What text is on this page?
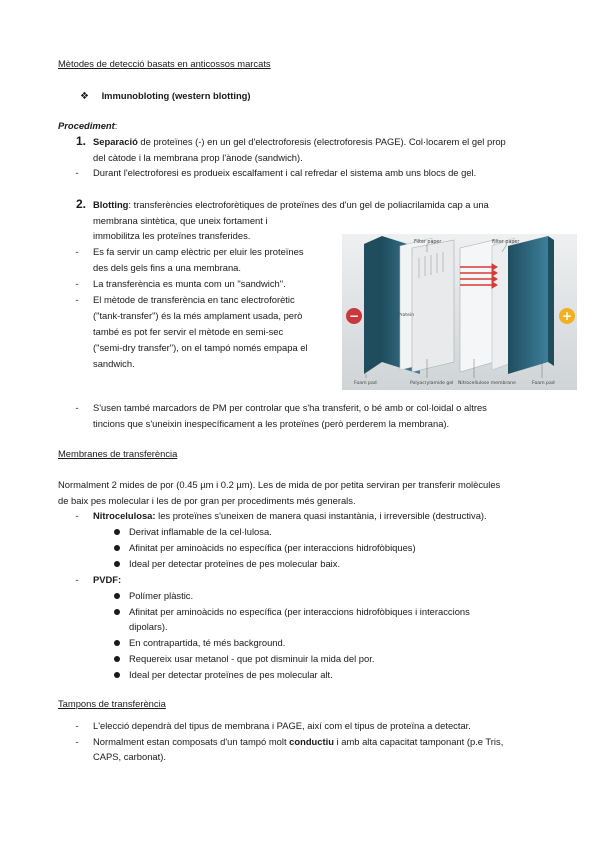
Mètodes de detecció basats en anticossos marcats
❖ Immunobloting (western blotting)
Procediment:
1. Separació de proteïnes (-) en un gel d'electroforesis (electroforesis PAGE). Col·locarem el gel prop
del càtode i la membrana prop l'ànode (sandwich).
-	Durant l'electroforesi es produeix escalfament i cal refredar el sistema amb uns blocs de gel.
2. Blotting: transferències electroforètiques de proteïnes des d'un gel de poliacrilamida cap a una
membrana sintètica, que uneix fortament i
immobilitza les proteïnes transferides.
-	Es fa servir un camp elèctric per eluir les proteïnes
des dels gels fins a una membrana.
-	La transferència es munta com un "sandwich".
-	El mètode de transferència en tanc electroforètic
("tank-transfer") és la més amplament usada, però
també es pot fer servir el mètode en semi-sec
("semi-dry transfer"), on el tampó només empapa el
sandwich.
−	+
Filter paper	Filter paper
Protein
Foam pad	Polyacrylamide gel Nitrocellulose membrane	Foam pad
-	S'usen també marcadors de PM per controlar que s'ha transferit, o bé amb or col·loidal o altres
tincions que s'uneixin inespecíficament a les proteïnes (però perderem la membrana).
Membranes de transferència
Normalment 2 mides de por (0.45 µm i 0.2 µm). Les de mida de por petita serviran per transferir molècules
de baix pes molecular i les de por gran per procediments més generals.
-	Nitrocelulosa: les proteïnes s'uneixen de manera quasi instantània, i irreversible (destructiva).
Derivat inflamable de la cel·lulosa.
Afinitat per aminoàcids no específica (per interaccions hidrofòbiques)
Ideal per detectar proteïnes de pes molecular baix.
-	PVDF:
Polímer plàstic.
Afinitat per aminoàcids no específica (per interaccions hidrofòbiques i interaccions
dipolars).
En contrapartida, té més background.
Requereix usar metanol - que pot disminuir la mida del por.
Ideal per detectar proteïnes de pes molecular alt.
Tampons de transferència
-	L'elecció dependrà del tipus de membrana i PAGE, així com el tipus de proteïna a detectar.
-	Normalment estan composats d'un tampó molt conductiu i amb alta capacitat tamponant (p.e Tris,
CAPS, carbonat).
